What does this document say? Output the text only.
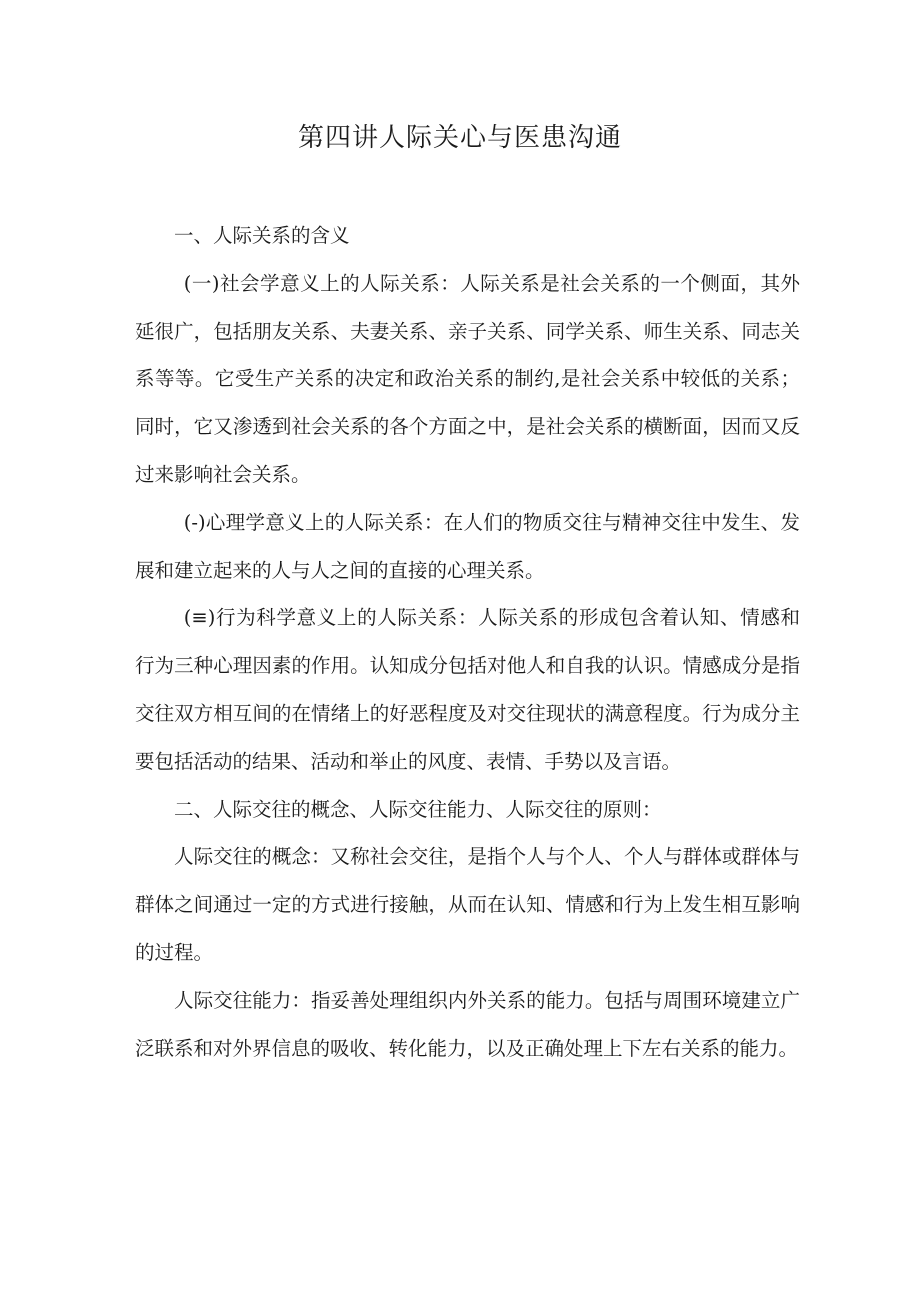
第四讲人际关心与医患沟通

一、人际关系的含义

(一)社会学意义上的人际关系：人际关系是社会关系的一个侧面，其外延很广，包括朋友关系、夫妻关系、亲子关系、同学关系、师生关系、同志关系等等。它受生产关系的决定和政治关系的制约,是社会关系中较低的关系；同时，它又渗透到社会关系的各个方面之中，是社会关系的横断面，因而又反过来影响社会关系。

(-)心理学意义上的人际关系：在人们的物质交往与精神交往中发生、发展和建立起来的人与人之间的直接的心理关系。

(≡)行为科学意义上的人际关系：人际关系的形成包含着认知、情感和行为三种心理因素的作用。认知成分包括对他人和自我的认识。情感成分是指交往双方相互间的在情绪上的好恶程度及对交往现状的满意程度。行为成分主要包括活动的结果、活动和举止的风度、表情、手势以及言语。

二、人际交往的概念、人际交往能力、人际交往的原则：

人际交往的概念：又称社会交往，是指个人与个人、个人与群体或群体与群体之间通过一定的方式进行接触，从而在认知、情感和行为上发生相互影响的过程。

人际交往能力：指妥善处理组织内外关系的能力。包括与周围环境建立广泛联系和对外界信息的吸收、转化能力，以及正确处理上下左右关系的能力。
